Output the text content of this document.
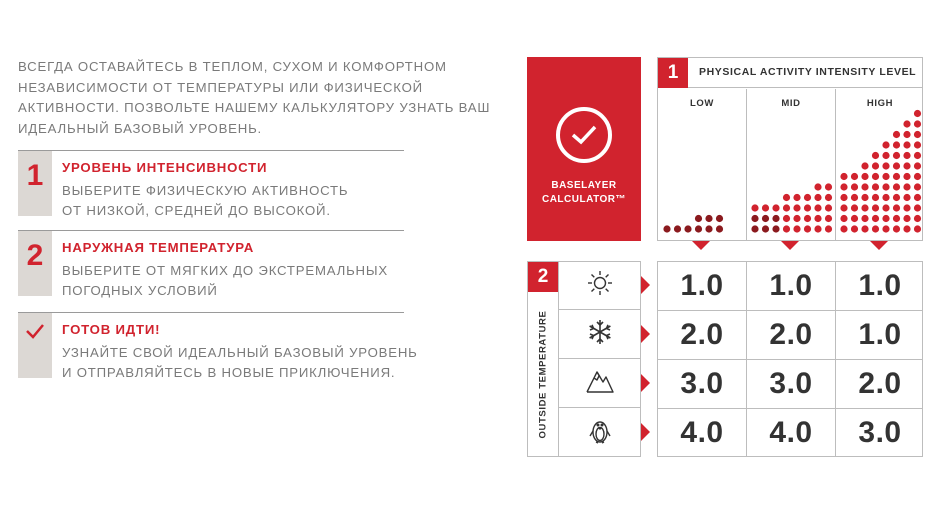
ВСЕГДА ОСТАВАЙТЕСЬ В ТЕПЛОМ, СУХОМ И КОМФОРТНОМ
НЕЗАВИСИМОСТИ ОТ ТЕМПЕРАТУРЫ ИЛИ ФИЗИЧЕСКОЙ
АКТИВНОСТИ. ПОЗВОЛЬТЕ НАШЕМУ КАЛЬКУЛЯТОРУ УЗНАТЬ ВАШ
ИДЕАЛЬНЫЙ БАЗОВЫЙ УРОВЕНЬ.
1	УРОВЕНЬ ИНТЕНСИВНОСТИ
ВЫБЕРИТЕ ФИЗИЧЕСКУЮ АКТИВНОСТЬ
ОТ НИЗКОЙ, СРЕДНЕЙ ДО ВЫСОКОЙ.
2	НАРУЖНАЯ ТЕМПЕРАТУРА
ВЫБЕРИТЕ ОТ МЯГКИХ ДО ЭКСТРЕМАЛЬНЫХ
ПОГОДНЫХ УСЛОВИЙ
ГОТОВ ИДТИ!
УЗНАЙТЕ СВОЙ ИДЕАЛЬНЫЙ БАЗОВЫЙ УРОВЕНЬ
И ОТПРАВЛЯЙТЕСЬ В НОВЫЕ ПРИКЛЮЧЕНИЯ.
BASELAYER
CALCULATOR™
1	PHYSICAL ACTIVITY INTENSITY LEVEL
LOW	MID	HIGH
2
OUTSIDE TEMPERATURE
1.0	1.0	1.0
2.0	2.0	1.0
3.0	3.0	2.0
4.0	4.0	3.0
